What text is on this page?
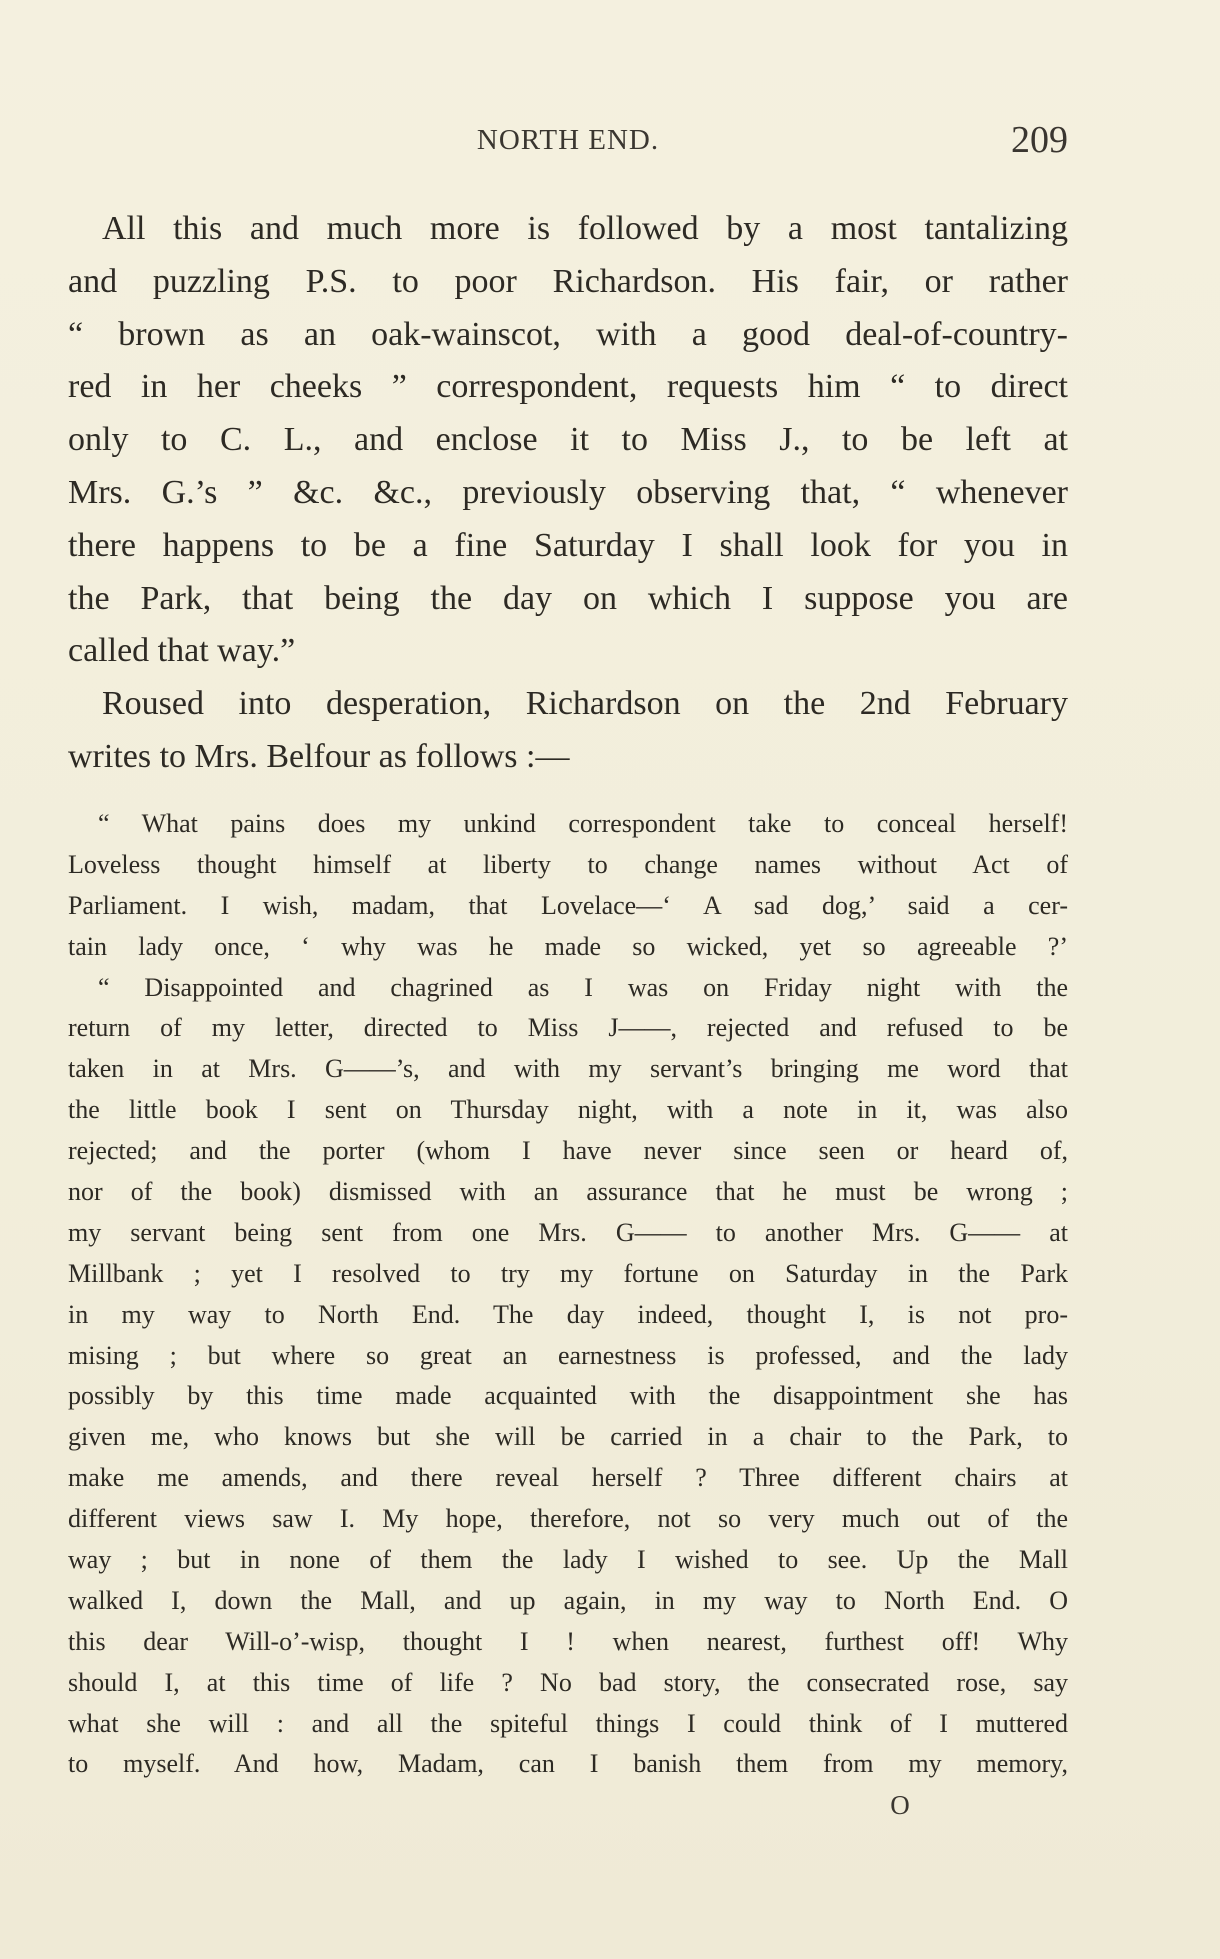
NORTH END.	209
All this and much more is followed by a most tantalizing
and puzzling P.S. to poor Richardson. His fair, or rather
“ brown as an oak-wainscot, with a good deal-of-country-
red in her cheeks ” correspondent, requests him “ to direct
only to C. L., and enclose it to Miss J., to be left at
Mrs. G.’s ” &c. &c., previously observing that, “ whenever
there happens to be a fine Saturday I shall look for you in
the Park, that being the day on which I suppose you are
called that way.”
Roused into desperation, Richardson on the 2nd February
writes to Mrs. Belfour as follows :—
“ What pains does my unkind correspondent take to conceal herself!
Loveless thought himself at liberty to change names without Act of
Parliament. I wish, madam, that Lovelace—‘ A sad dog,’ said a cer-
tain lady once, ‘ why was he made so wicked, yet so agreeable ?’
“ Disappointed and chagrined as I was on Friday night with the
return of my letter, directed to Miss J——, rejected and refused to be
taken in at Mrs. G——’s, and with my servant’s bringing me word that
the little book I sent on Thursday night, with a note in it, was also
rejected; and the porter (whom I have never since seen or heard of,
nor of the book) dismissed with an assurance that he must be wrong ;
my servant being sent from one Mrs. G—— to another Mrs. G—— at
Millbank ; yet I resolved to try my fortune on Saturday in the Park
in my way to North End. The day indeed, thought I, is not pro-
mising ; but where so great an earnestness is professed, and the lady
possibly by this time made acquainted with the disappointment she has
given me, who knows but she will be carried in a chair to the Park, to
make me amends, and there reveal herself ? Three different chairs at
different views saw I. My hope, therefore, not so very much out of the
way ; but in none of them the lady I wished to see. Up the Mall
walked I, down the Mall, and up again, in my way to North End. O
this dear Will-o’-wisp, thought I ! when nearest, furthest off! Why
should I, at this time of life ? No bad story, the consecrated rose, say
what she will : and all the spiteful things I could think of I muttered
to myself. And how, Madam, can I banish them from my memory,
O
